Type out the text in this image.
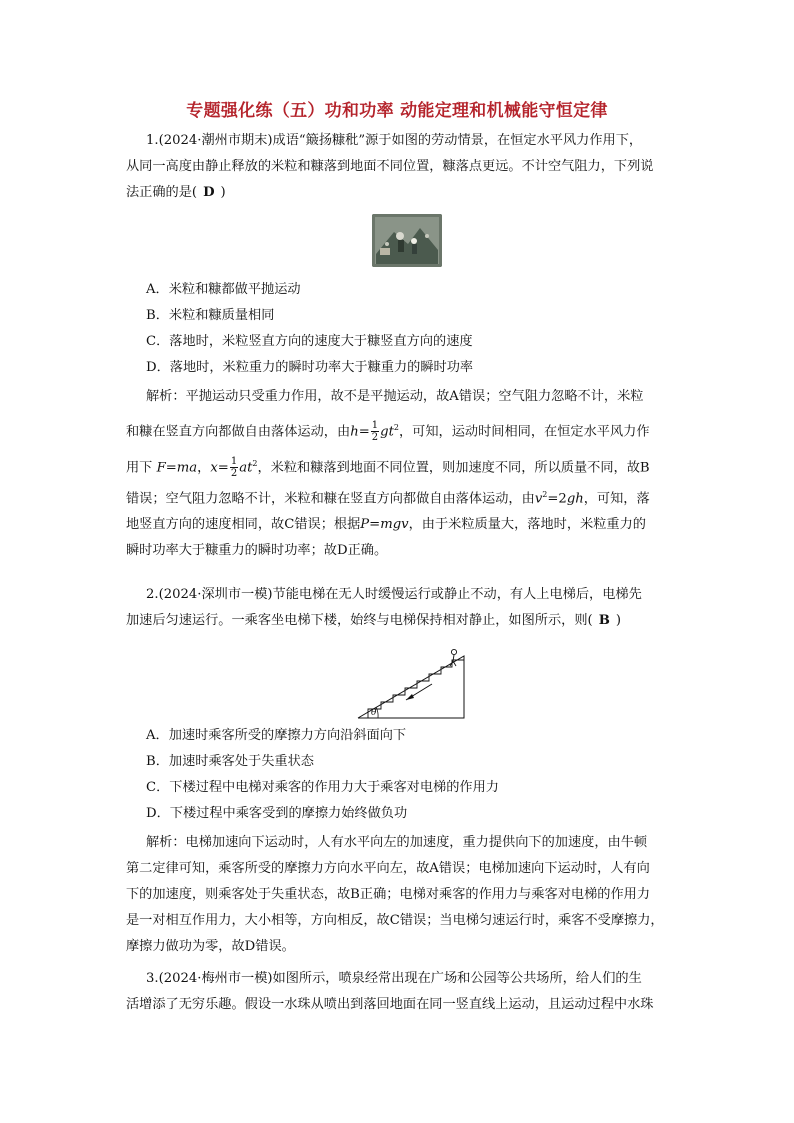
专题强化练（五）功和功率 动能定理和机械能守恒定律
1.(2024·潮州市期末)成语“簸扬糠秕”源于如图的劳动情景，在恒定水平风力作用下，
从同一高度由静止释放的米粒和糠落到地面不同位置，糠落点更远。不计空气阻力，下列说
法正确的是( D )
A．米粒和糠都做平抛运动
B．米粒和糠质量相同
C．落地时，米粒竖直方向的速度大于糠竖直方向的速度
D．落地时，米粒重力的瞬时功率大于糠重力的瞬时功率
解析：平抛运动只受重力作用，故不是平抛运动，故A错误；空气阻力忽略不计，米粒
和糠在竖直方向都做自由落体运动，由$h= \frac{1}{2} gt^2$，可知，运动时间相同，在恒定水平风力作
用下 F=ma，$x= \frac{1}{2} at^2$，米粒和糠落到地面不同位置，则加速度不同，所以质量不同，故B
错误；空气阻力忽略不计，米粒和糠在竖直方向都做自由落体运动，由$v^2=2gh$，可知，落
地竖直方向的速度相同，故C错误；根据P=mgv，由于米粒质量大，落地时，米粒重力的
瞬时功率大于糠重力的瞬时功率；故D正确。
2.(2024·深圳市一模)节能电梯在无人时缓慢运行或静止不动，有人上电梯后，电梯先
加速后匀速运行。一乘客坐电梯下楼，始终与电梯保持相对静止，如图所示，则( B )
θ
A．加速时乘客所受的摩擦力方向沿斜面向下
B．加速时乘客处于失重状态
C．下楼过程中电梯对乘客的作用力大于乘客对电梯的作用力
D．下楼过程中乘客受到的摩擦力始终做负功
解析：电梯加速向下运动时，人有水平向左的加速度，重力提供向下的加速度，由牛顿
第二定律可知，乘客所受的摩擦力方向水平向左，故A错误；电梯加速向下运动时，人有向
下的加速度，则乘客处于失重状态，故B正确；电梯对乘客的作用力与乘客对电梯的作用力
是一对相互作用力，大小相等，方向相反，故C错误；当电梯匀速运行时，乘客不受摩擦力，
摩擦力做功为零，故D错误。
3.(2024·梅州市一模)如图所示，喷泉经常出现在广场和公园等公共场所，给人们的生
活增添了无穷乐趣。假设一水珠从喷出到落回地面在同一竖直线上运动，且运动过程中水珠
